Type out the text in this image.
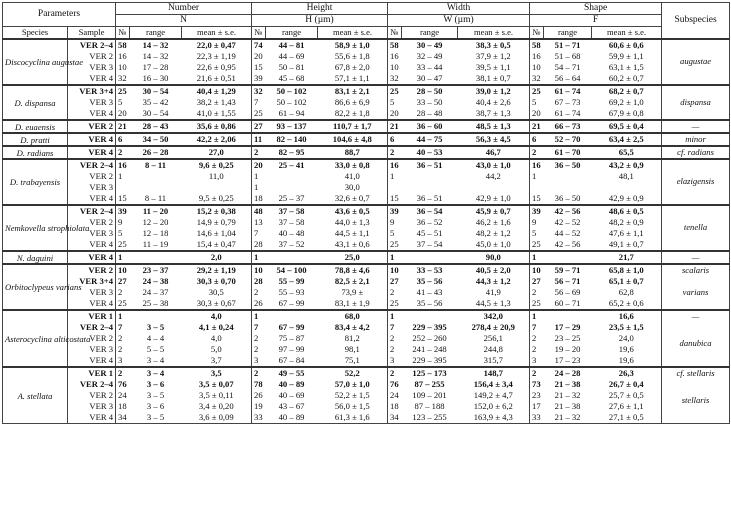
Parameters		Number			Height			Width			Shape			Subspecies
		N			H (µm)			W (µm)			F			
Species	Sample	№	range	mean ± s.e.	№	range	mean ± s.e.	№	range	mean ± s.e.	№	range	mean ± s.e.	
Discocyclina augustae	VER 2–4	58	14 – 32	22,0 ± 0,47	74	44 – 81	58,9 ± 1,0	58	30 – 49	38,3 ± 0,5	58	51 – 71	60,6 ± 0,6	augustae
	VER 2	16	14 – 32	22,3 ± 1,19	20	44 – 69	55,6 ± 1,8	16	32 – 49	37,9 ± 1,2	16	51 – 68	59,9 ± 1,1	
	VER 3	10	17 – 28	22,6 ± 0,95	15	50 – 81	67,8 ± 2,0	10	33 – 44	39,5 ± 1,1	10	54 – 71	63,1 ± 1,5	
	VER 4	32	16 – 30	21,6 ± 0,51	39	45 – 68	57,1 ± 1,1	32	30 – 47	38,1 ± 0,7	32	56 – 64	60,2 ± 0,7	
D. dispansa	VER 3+4	25	30 – 54	40,4 ± 1,29	32	50 – 102	83,1 ± 2,1	25	28 – 50	39,0 ± 1,2	25	61 – 74	68,2 ± 0,7	dispansa
	VER 3	5	35 – 42	38,2 ± 1,43	7	50 – 102	86,6 ± 6,9	5	33 – 50	40,4 ± 2,6	5	67 – 73	69,2 ± 1,0	
	VER 4	20	30 – 54	41,0 ± 1,55	25	61 – 94	82,2 ± 1,8	20	28 – 48	38,7 ± 1,3	20	61 – 74	67,9 ± 0,8	
D. euaensis	VER 2	21	28 – 43	35,6 ± 0,86	27	93 – 137	110,7 ± 1,7	21	36 – 60	48,5 ± 1,3	21	66 – 73	69,5 ± 0,4	—
D. pratti	VER 4	6	34 – 50	42,2 ± 2,06	11	82 – 140	104,6 ± 4,8	6	44 – 75	56,3 ± 4,5	6	52 – 70	63,4 ± 2,5	minor
D. radians	VER 4	2	26 – 28	27,0	2	82 – 95	88,7	2	40 – 53	46,7	2	61 – 70	65,5	cf. radians
D. trabayensis	VER 2–4	16	8 – 11	9,6 ± 0,25	20	25 – 41	33,0 ± 0,8	16	36 – 51	43,0 ± 1,0	16	36 – 50	43,2 ± 0,9	elazigensis
	VER 2	1		11,0	1		41,0	1		44,2	1		48,1	
	VER 3				1		30,0							
	VER 4	15	8 – 11	9,5 ± 0,25	18	25 – 37	32,6 ± 0,7	15	36 – 51	42,9 ± 1,0	15	36 – 50	42,9 ± 0,9	
Nemkovella strophiolata	VER 2–4	39	11 – 20	15,2 ± 0,38	48	37 – 58	43,6 ± 0,5	39	36 – 54	45,9 ± 0,7	39	42 – 56	48,6 ± 0,5	tenella
	VER 2	9	12 – 20	14,9 ± 0,79	13	37 – 58	44,0 ± 1,3	9	36 – 52	46,2 ± 1,6	9	42 – 52	48,2 ± 0,9	
	VER 3	5	12 – 18	14,6 ± 1,04	7	40 – 48	44,5 ± 1,1	5	45 – 51	48,2 ± 1,2	5	44 – 52	47,6 ± 1,1	
	VER 4	25	11 – 19	15,4 ± 0,47	28	37 – 52	43,1 ± 0,6	25	37 – 54	45,0 ± 1,0	25	42 – 56	49,1 ± 0,7	
N. daguini	VER 4	1		2,0	1		25,0	1		90,0	1		21,7	—
Orbitoclypeus varians	VER 2	10	23 – 37	29,2 ± 1,19	10	54 – 100	78,8 ± 4,6	10	33 – 53	40,5 ± 2,0	10	59 – 71	65,8 ± 1,0	scalaris
	VER 3+4	27	24 – 38	30,3 ± 0,70	28	55 – 99	82,5 ± 2,1	27	35 – 56	44,3 ± 1,2	27	56 – 71	65,1 ± 0,7	varians
	VER 3	2	24 – 37	30,5	2	55 – 93	73,9 ±	2	41 – 43	41,9	2	56 – 69	62,8	
	VER 4	25	25 – 38	30,3 ± 0,67	26	67 – 99	83,1 ± 1,9	25	35 – 56	44,5 ± 1,3	25	60 – 71	65,2 ± 0,6	
Asterocyclina alticostata	VER 1	1		4,0	1		68,0	1		342,0	1		16,6	—
	VER 2–4	7	3 – 5	4,1 ± 0,24	7	67 – 99	83,4 ± 4,2	7	229 – 395	278,4 ± 20,9	7	17 – 29	23,5 ± 1,5	danubica
	VER 2	2	4 – 4	4,0	2	75 – 87	81,2	2	252 – 260	256,1	2	23 – 25	24,0	
	VER 3	2	5 – 5	5,0	2	97 – 99	98,1	2	241 – 248	244,8	2	19 – 20	19,6	
	VER 4	3	3 – 4	3,7	3	67 – 84	75,1	3	229 – 395	315,7	3	17 – 23	19,6	
A. stellata	VER 1	2	3 – 4	3,5	2	49 – 55	52,2	2	125 – 173	148,7	2	24 – 28	26,3	cf. stellaris
	VER 2–4	76	3 – 6	3,5 ± 0,07	78	40 – 89	57,0 ± 1,0	76	87 – 255	156,4 ± 3,4	73	21 – 38	26,7 ± 0,4	stellaris
	VER 2	24	3 – 5	3,5 ± 0,11	26	40 – 69	52,2 ± 1,5	24	109 – 201	149,2 ± 4,7	23	21 – 32	25,7 ± 0,5	
	VER 3	18	3 – 6	3,4 ± 0,20	19	43 – 67	56,0 ± 1,5	18	87 – 188	152,0 ± 6,2	17	21 – 38	27,6 ± 1,1	
	VER 4	34	3 – 5	3,6 ± 0,09	33	40 – 89	61,3 ± 1,6	34	123 – 255	163,9 ± 4,3	33	21 – 32	27,1 ± 0,5	
